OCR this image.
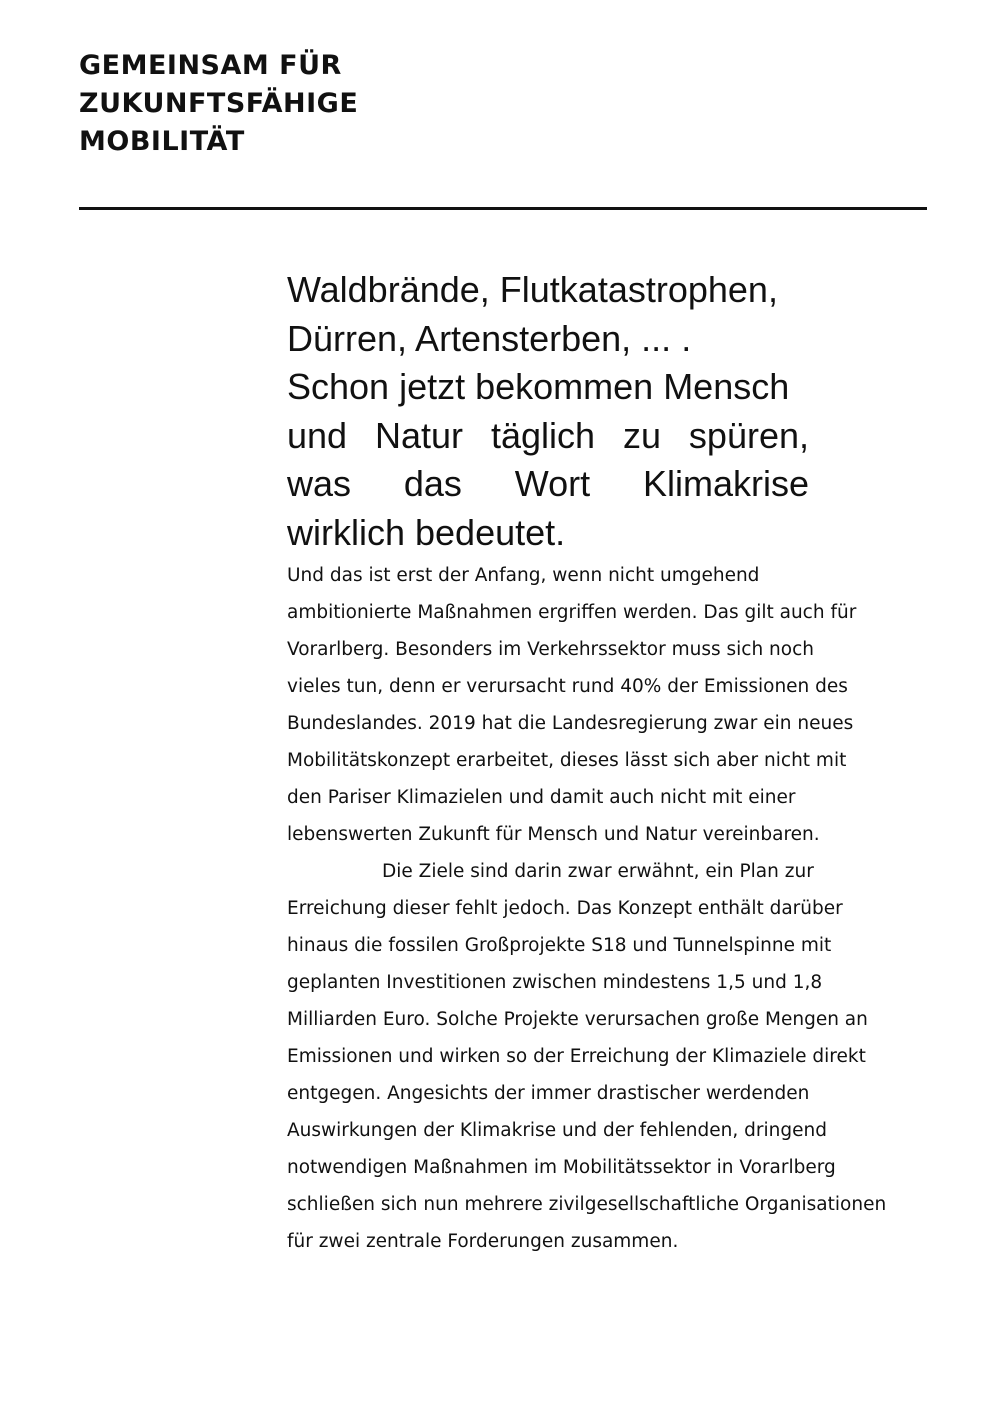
GEMEINSAM FÜR
ZUKUNFTSFÄHIGE
MOBILITÄT

Waldbrände, Flutkatastrophen,
Dürren, Artensterben, ... .
Schon jetzt bekommen Mensch
und Natur täglich zu spüren,
was das Wort Klimakrise
wirklich bedeutet.

Und das ist erst der Anfang, wenn nicht umgehend
ambitionierte Maßnahmen ergriffen werden. Das gilt auch für
Vorarlberg. Besonders im Verkehrssektor muss sich noch
vieles tun, denn er verursacht rund 40% der Emissionen des
Bundeslandes. 2019 hat die Landesregierung zwar ein neues
Mobilitätskonzept erarbeitet, dieses lässt sich aber nicht mit
den Pariser Klimazielen und damit auch nicht mit einer
lebenswerten Zukunft für Mensch und Natur vereinbaren.
Die Ziele sind darin zwar erwähnt, ein Plan zur
Erreichung dieser fehlt jedoch. Das Konzept enthält darüber
hinaus die fossilen Großprojekte S18 und Tunnelspinne mit
geplanten Investitionen zwischen mindestens 1,5 und 1,8
Milliarden Euro. Solche Projekte verursachen große Mengen an
Emissionen und wirken so der Erreichung der Klimaziele direkt
entgegen. Angesichts der immer drastischer werdenden
Auswirkungen der Klimakrise und der fehlenden, dringend
notwendigen Maßnahmen im Mobilitätssektor in Vorarlberg
schließen sich nun mehrere zivilgesellschaftliche Organisationen
für zwei zentrale Forderungen zusammen.
